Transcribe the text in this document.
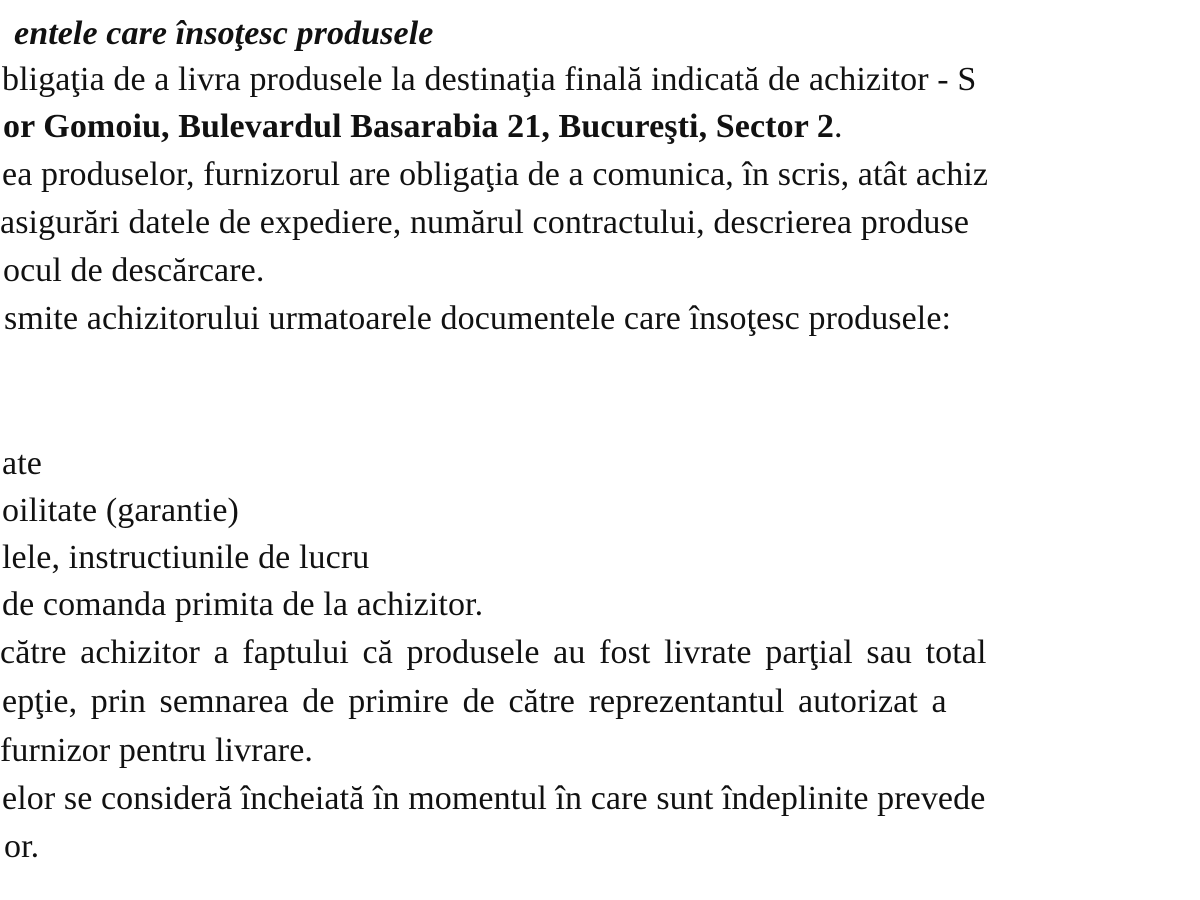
entele care însoţesc produsele
bligaţia de a livra produsele la destinaţia finală indicată de achizitor - S
or Gomoiu, Bulevardul Basarabia 21, Bucureşti, Sector 2.
ea produselor, furnizorul are obligaţia de a comunica, în scris, atât achiz
asigurări datele de expediere, numărul contractului, descrierea produse
ocul de descărcare.
smite achizitorului urmatoarele documentele care însoţesc produsele:
ate
oilitate (garantie)
lele, instructiunile de lucru
de comanda primita de la achizitor.
către achizitor a faptului că produsele au fost livrate parţial sau total
epţie, prin semnarea de primire de către reprezentantul autorizat a
furnizor pentru livrare.
elor se consideră încheiată în momentul în care sunt îndeplinite prevede
or.
